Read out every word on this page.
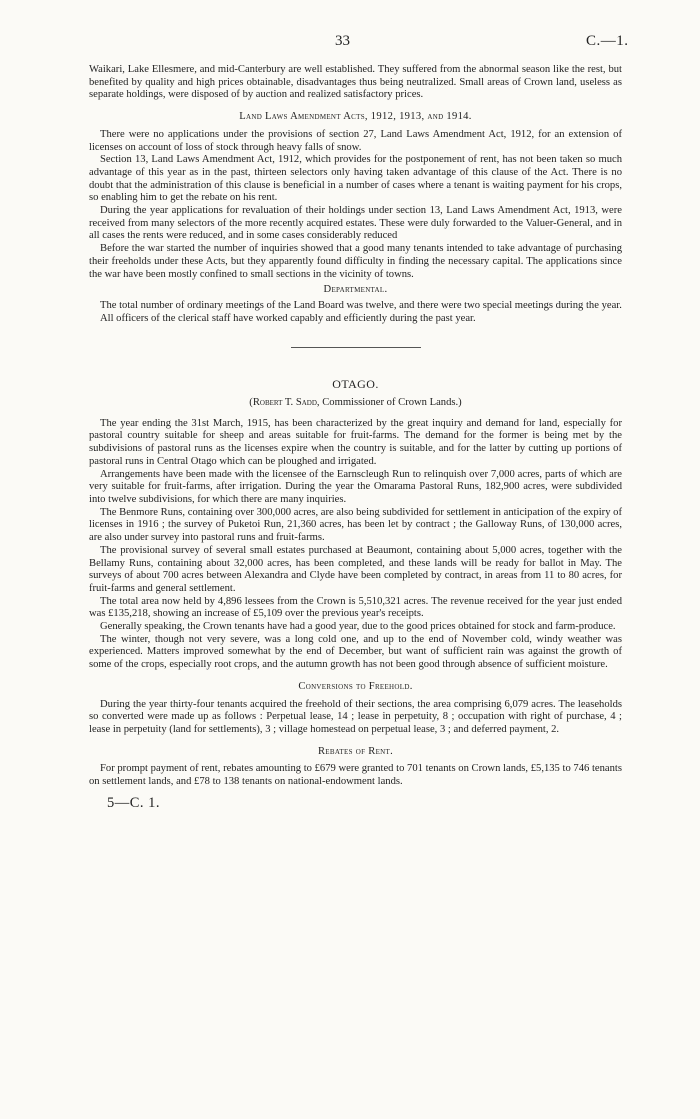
33	C.—1.

Waikari, Lake Ellesmere, and mid-Canterbury are well established. They suffered from the abnormal season like the rest, but benefited by quality and high prices obtainable, disadvantages thus being neutralized. Small areas of Crown land, useless as separate holdings, were disposed of by auction and realized satisfactory prices.

Land Laws Amendment Acts, 1912, 1913, and 1914.

There were no applications under the provisions of section 27, Land Laws Amendment Act, 1912, for an extension of licenses on account of loss of stock through heavy falls of snow.

Section 13, Land Laws Amendment Act, 1912, which provides for the postponement of rent, has not been taken so much advantage of this year as in the past, thirteen selectors only having taken advantage of this clause of the Act. There is no doubt that the administration of this clause is beneficial in a number of cases where a tenant is waiting payment for his crops, so enabling him to get the rebate on his rent.

During the year applications for revaluation of their holdings under section 13, Land Laws Amendment Act, 1913, were received from many selectors of the more recently acquired estates. These were duly forwarded to the Valuer-General, and in all cases the rents were reduced, and in some cases considerably reduced

Before the war started the number of inquiries showed that a good many tenants intended to take advantage of purchasing their freeholds under these Acts, but they apparently found difficulty in finding the necessary capital. The applications since the war have been mostly confined to small sections in the vicinity of towns.

Departmental.

The total number of ordinary meetings of the Land Board was twelve, and there were two special meetings during the year.

All officers of the clerical staff have worked capably and efficiently during the past year.

OTAGO.
(Robert T. Sadd, Commissioner of Crown Lands.)

The year ending the 31st March, 1915, has been characterized by the great inquiry and demand for land, especially for pastoral country suitable for sheep and areas suitable for fruit-farms. The demand for the former is being met by the subdivisions of pastoral runs as the licenses expire when the country is suitable, and for the latter by cutting up portions of pastoral runs in Central Otago which can be ploughed and irrigated.

Arrangements have been made with the licensee of the Earnscleugh Run to relinquish over 7,000 acres, parts of which are very suitable for fruit-farms, after irrigation. During the year the Omarama Pastoral Runs, 182,900 acres, were subdivided into twelve subdivisions, for which there are many inquiries.

The Benmore Runs, containing over 300,000 acres, are also being subdivided for settlement in anticipation of the expiry of licenses in 1916 ; the survey of Puketoi Run, 21,360 acres, has been let by contract ; the Galloway Runs, of 130,000 acres, are also under survey into pastoral runs and fruit-farms.

The provisional survey of several small estates purchased at Beaumont, containing about 5,000 acres, together with the Bellamy Runs, containing about 32,000 acres, has been completed, and these lands will be ready for ballot in May. The surveys of about 700 acres between Alexandra and Clyde have been completed by contract, in areas from 11 to 80 acres, for fruit-farms and general settlement.

The total area now held by 4,896 lessees from the Crown is 5,510,321 acres. The revenue received for the year just ended was £135,218, showing an increase of £5,109 over the previous year's receipts.

Generally speaking, the Crown tenants have had a good year, due to the good prices obtained for stock and farm-produce.

The winter, though not very severe, was a long cold one, and up to the end of November cold, windy weather was experienced. Matters improved somewhat by the end of December, but want of sufficient rain was against the growth of some of the crops, especially root crops, and the autumn growth has not been good through absence of sufficient moisture.

Conversions to Freehold.

During the year thirty-four tenants acquired the freehold of their sections, the area comprising 6,079 acres. The leaseholds so converted were made up as follows : Perpetual lease, 14 ; lease in perpetuity, 8 ; occupation with right of purchase, 4 ; lease in perpetuity (land for settlements), 3 ; village homestead on perpetual lease, 3 ; and deferred payment, 2.

Rebates of Rent.

For prompt payment of rent, rebates amounting to £679 were granted to 701 tenants on Crown lands, £5,135 to 746 tenants on settlement lands, and £78 to 138 tenants on national-endowment lands.

5—C. 1.
